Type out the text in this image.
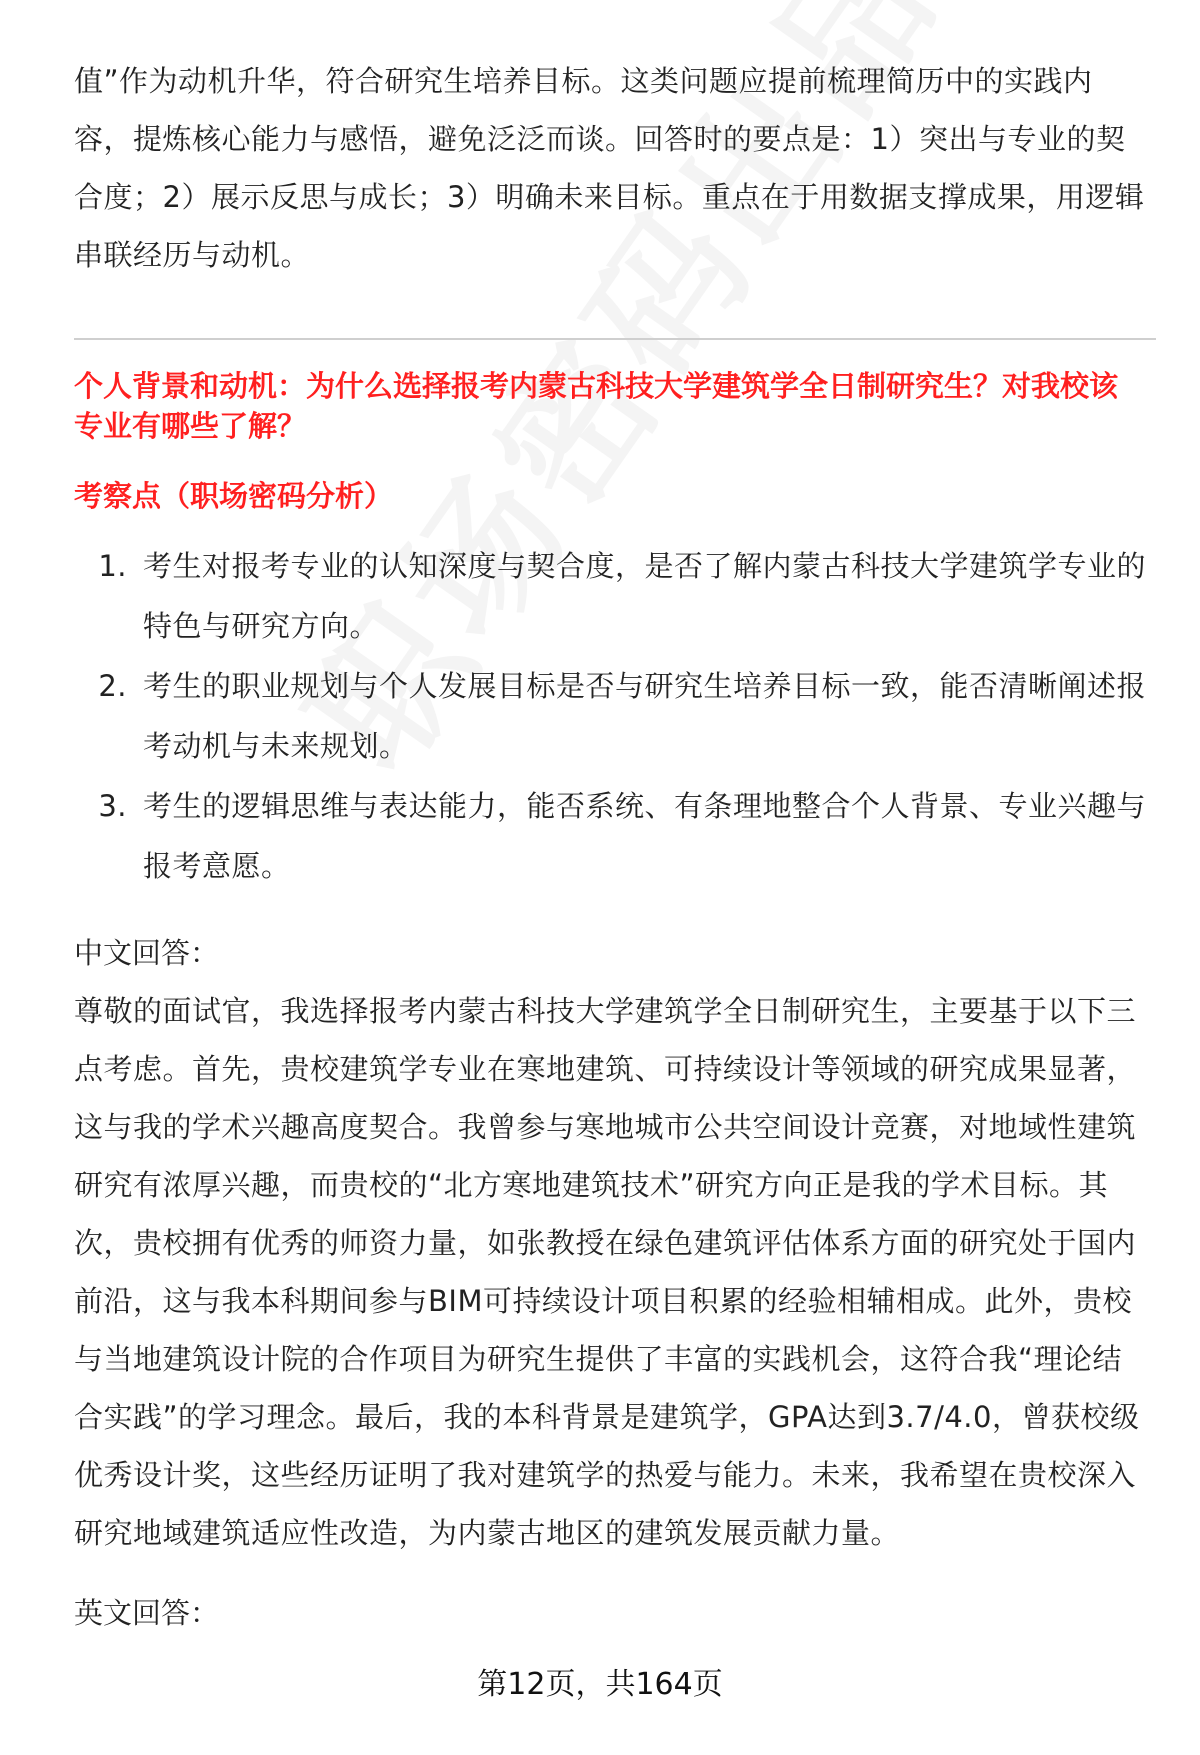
值”作为动机升华，符合研究生培养目标。这类问题应提前梳理简历中的实践内

容，提炼核心能力与感悟，避免泛泛而谈。回答时的要点是：1）突出与专业的契

合度；2）展示反思与成长；3）明确未来目标。重点在于用数据支撑成果，用逻辑

串联经历与动机。

个人背景和动机：为什么选择报考内蒙古科技大学建筑学全日制研究生？对我校该

专业有哪些了解？

考察点（职场密码分析）

1. 考生对报考专业的认知深度与契合度，是否了解内蒙古科技大学建筑学专业的
特色与研究方向。
2. 考生的职业规划与个人发展目标是否与研究生培养目标一致，能否清晰阐述报
考动机与未来规划。
3. 考生的逻辑思维与表达能力，能否系统、有条理地整合个人背景、专业兴趣与
报考意愿。

中文回答：

尊敬的面试官，我选择报考内蒙古科技大学建筑学全日制研究生，主要基于以下三

点考虑。首先，贵校建筑学专业在寒地建筑、可持续设计等领域的研究成果显著，

这与我的学术兴趣高度契合。我曾参与寒地城市公共空间设计竞赛，对地域性建筑

研究有浓厚兴趣，而贵校的“北方寒地建筑技术”研究方向正是我的学术目标。其

次，贵校拥有优秀的师资力量，如张教授在绿色建筑评估体系方面的研究处于国内

前沿，这与我本科期间参与BIM可持续设计项目积累的经验相辅相成。此外，贵校

与当地建筑设计院的合作项目为研究生提供了丰富的实践机会，这符合我“理论结

合实践”的学习理念。最后，我的本科背景是建筑学，GPA达到3.7/4.0，曾获校级

优秀设计奖，这些经历证明了我对建筑学的热爱与能力。未来，我希望在贵校深入

研究地域建筑适应性改造，为内蒙古地区的建筑发展贡献力量。

英文回答：

第12页，共164页
